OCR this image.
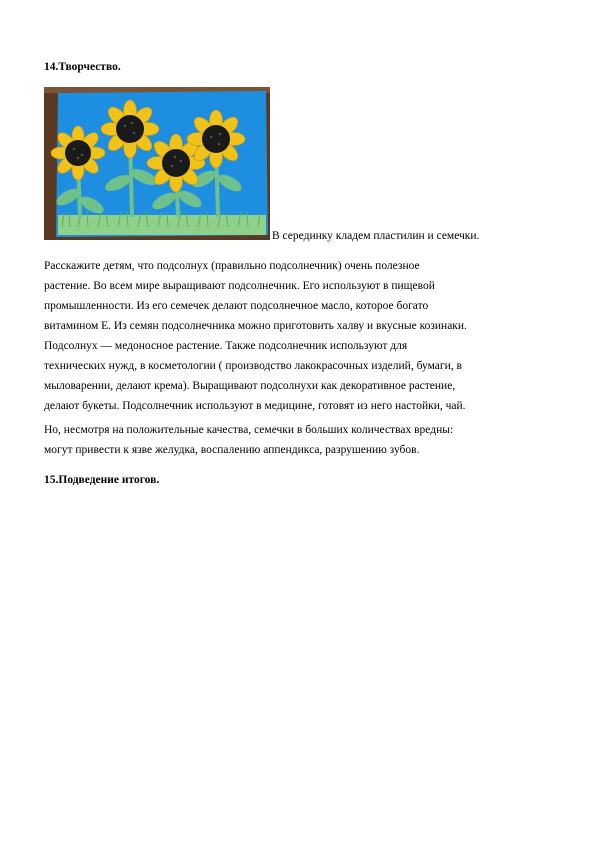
14.Творчество.
В серединку кладем пластилин и семечки.

Расскажите детям, что подсолнух (правильно подсолнечник) очень полезное
растение. Во всем мире выращивают подсолнечник. Его используют в пищевой
промышленности. Из его семечек делают подсолнечное масло, которое богато
витамином Е. Из семян подсолнечника можно приготовить халву и вкусные козинаки.
Подсолнух — медоносное растение. Также подсолнечник используют для
технических нужд, в косметологии ( производство лакокрасочных изделий, бумаги, в
мыловарении, делают крема). Выращивают подсолнухи как декоративное растение,
делают букеты. Подсолнечник используют в медицине, готовят из него настойки, чай.

Но, несмотря на положительные качества, семечки в больших количествах вредны:
могут привести к язве желудка, воспалению аппендикса, разрушению зубов.

15.Подведение итогов.
